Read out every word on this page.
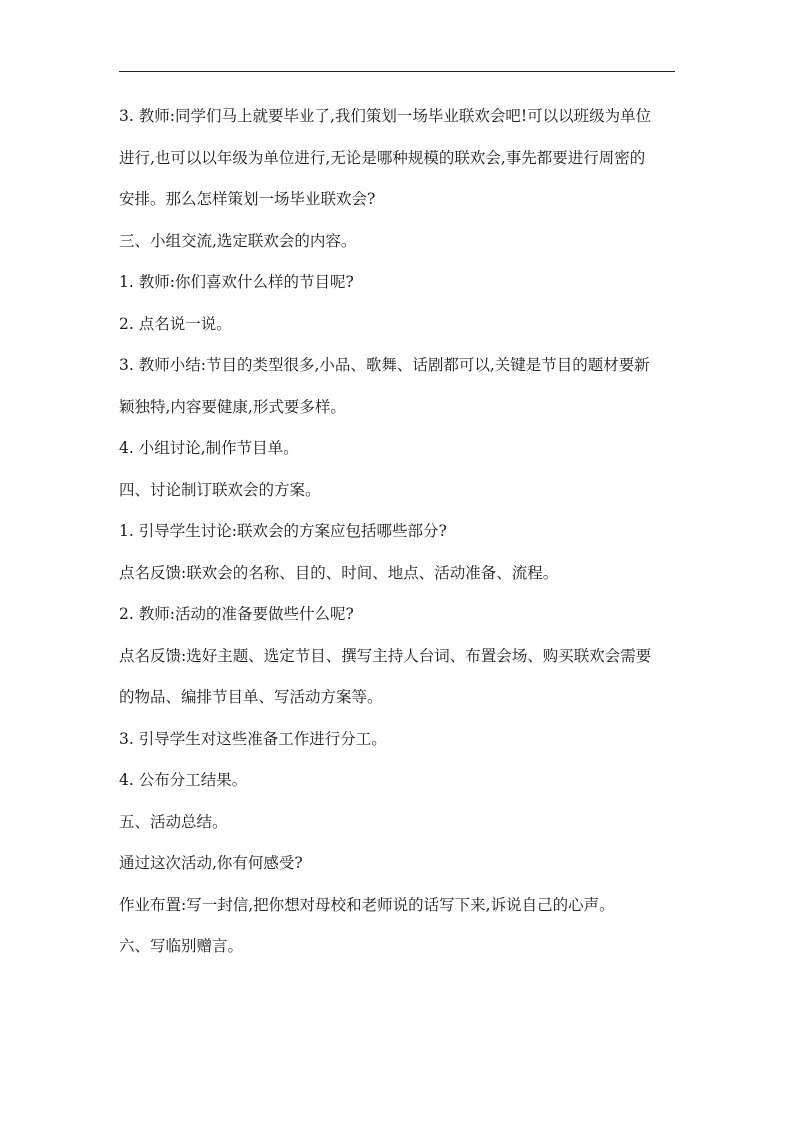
3. 教师:同学们马上就要毕业了,我们策划一场毕业联欢会吧!可以以班级为单位
进行,也可以以年级为单位进行,无论是哪种规模的联欢会,事先都要进行周密的
安排。那么怎样策划一场毕业联欢会?
三、小组交流,选定联欢会的内容。
1. 教师:你们喜欢什么样的节目呢?
2. 点名说一说。
3. 教师小结:节目的类型很多,小品、歌舞、话剧都可以,关键是节目的题材要新
颖独特,内容要健康,形式要多样。
4. 小组讨论,制作节目单。
四、讨论制订联欢会的方案。
1. 引导学生讨论:联欢会的方案应包括哪些部分?
点名反馈:联欢会的名称、目的、时间、地点、活动准备、流程。
2. 教师:活动的准备要做些什么呢?
点名反馈:选好主题、选定节目、撰写主持人台词、布置会场、购买联欢会需要
的物品、编排节目单、写活动方案等。
3. 引导学生对这些准备工作进行分工。
4. 公布分工结果。
五、活动总结。
通过这次活动,你有何感受?
作业布置:写一封信,把你想对母校和老师说的话写下来,诉说自己的心声。
六、写临别赠言。
